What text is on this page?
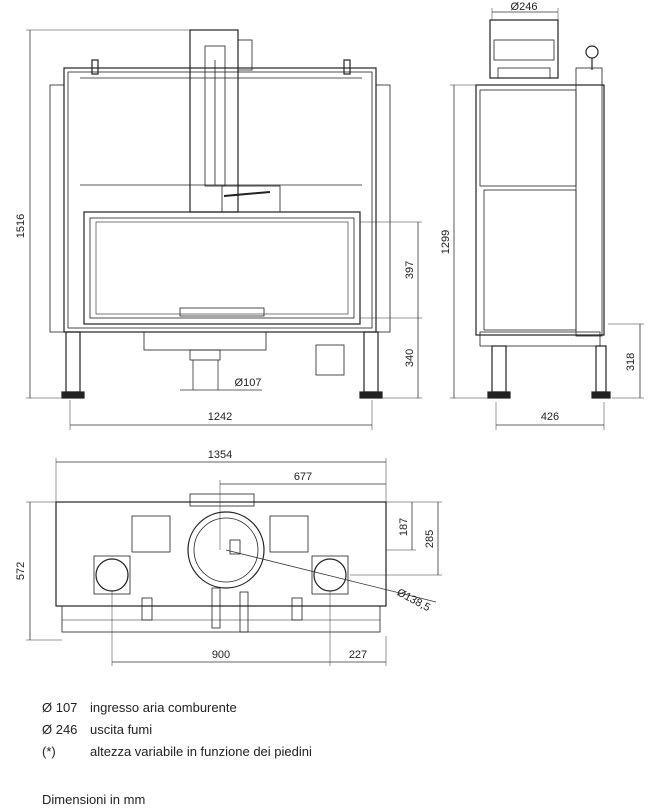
1516
1242
397
340
Ø107
Ø246
1299
426
318
1354
677
187
285
572
Ø138,5
900	227
Ø 107 ingresso aria comburente
Ø 246 uscita fumi
(*)	altezza variabile in funzione dei piedini
Dimensioni in mm
